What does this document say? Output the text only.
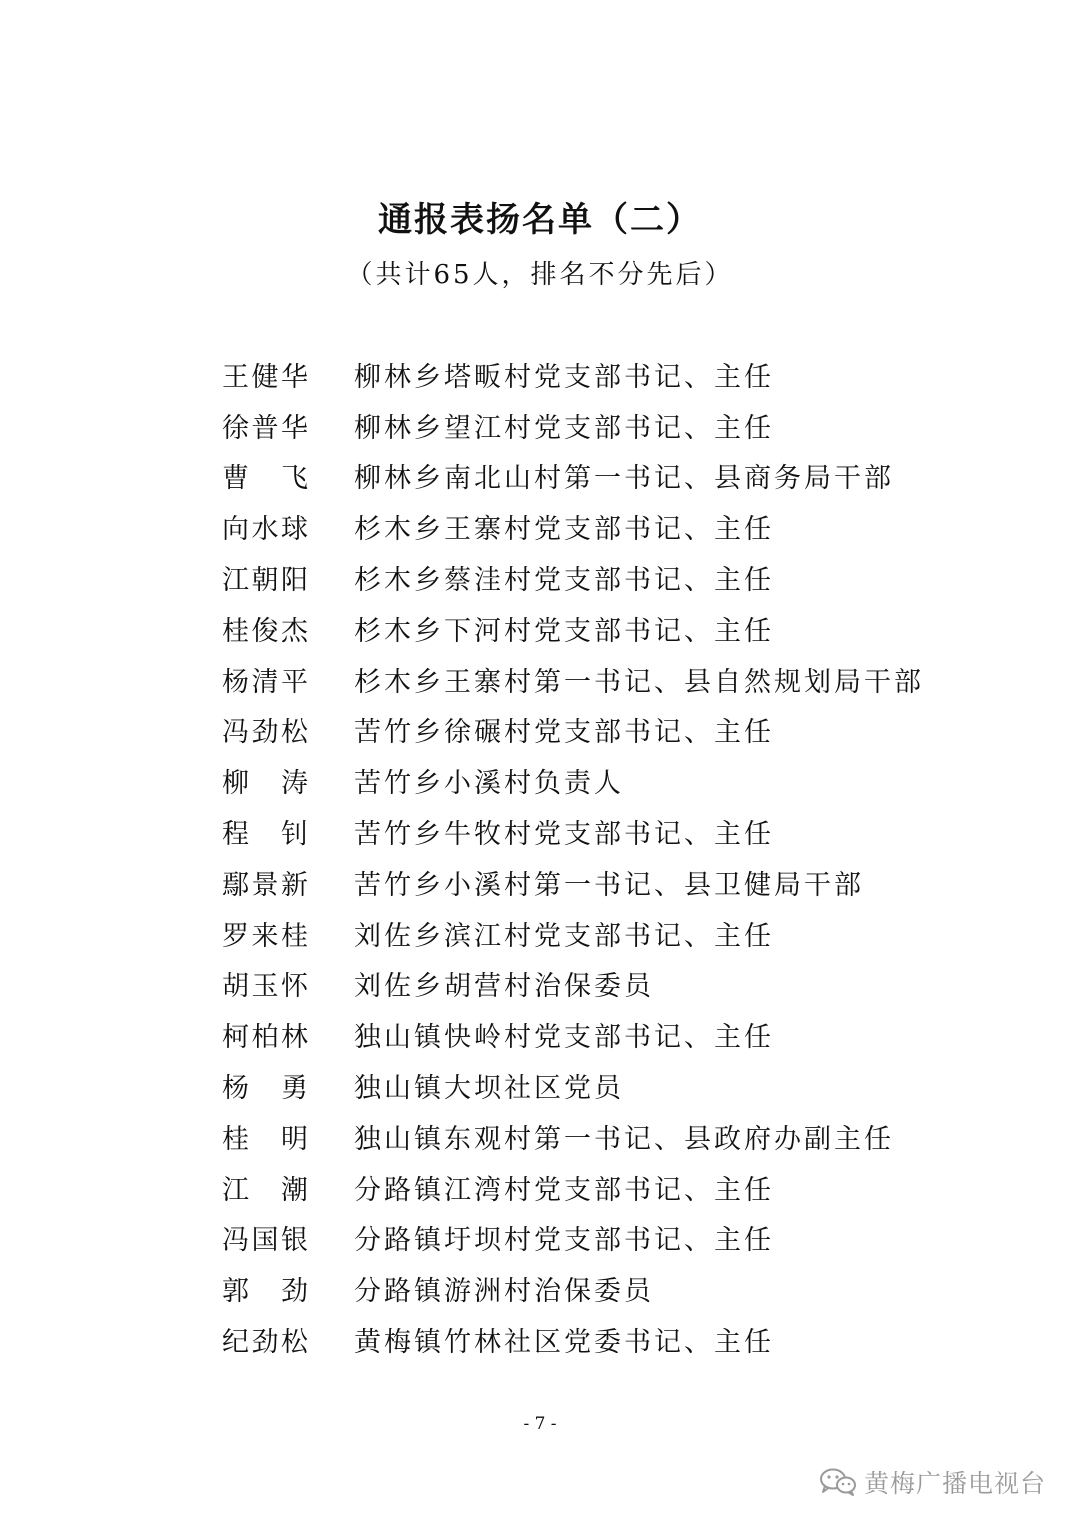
通报表扬名单（二）
（共计65人，排名不分先后）
王健华 柳林乡塔畈村党支部书记、主任
徐普华 柳林乡望江村党支部书记、主任
曹飞 柳林乡南北山村第一书记、县商务局干部
向水球 杉木乡王寨村党支部书记、主任
江朝阳 杉木乡蔡洼村党支部书记、主任
桂俊杰 杉木乡下河村党支部书记、主任
杨清平 杉木乡王寨村第一书记、县自然规划局干部
冯劲松 苦竹乡徐碾村党支部书记、主任
柳涛 苦竹乡小溪村负责人
程钊 苦竹乡牛牧村党支部书记、主任
鄢景新 苦竹乡小溪村第一书记、县卫健局干部
罗来桂 刘佐乡滨江村党支部书记、主任
胡玉怀 刘佐乡胡营村治保委员
柯柏林 独山镇快岭村党支部书记、主任
杨勇 独山镇大坝社区党员
桂明 独山镇东观村第一书记、县政府办副主任
江潮 分路镇江湾村党支部书记、主任
冯国银 分路镇圩坝村党支部书记、主任
郭劲 分路镇游洲村治保委员
纪劲松 黄梅镇竹林社区党委书记、主任
- 7 -
黄梅广播电视台
